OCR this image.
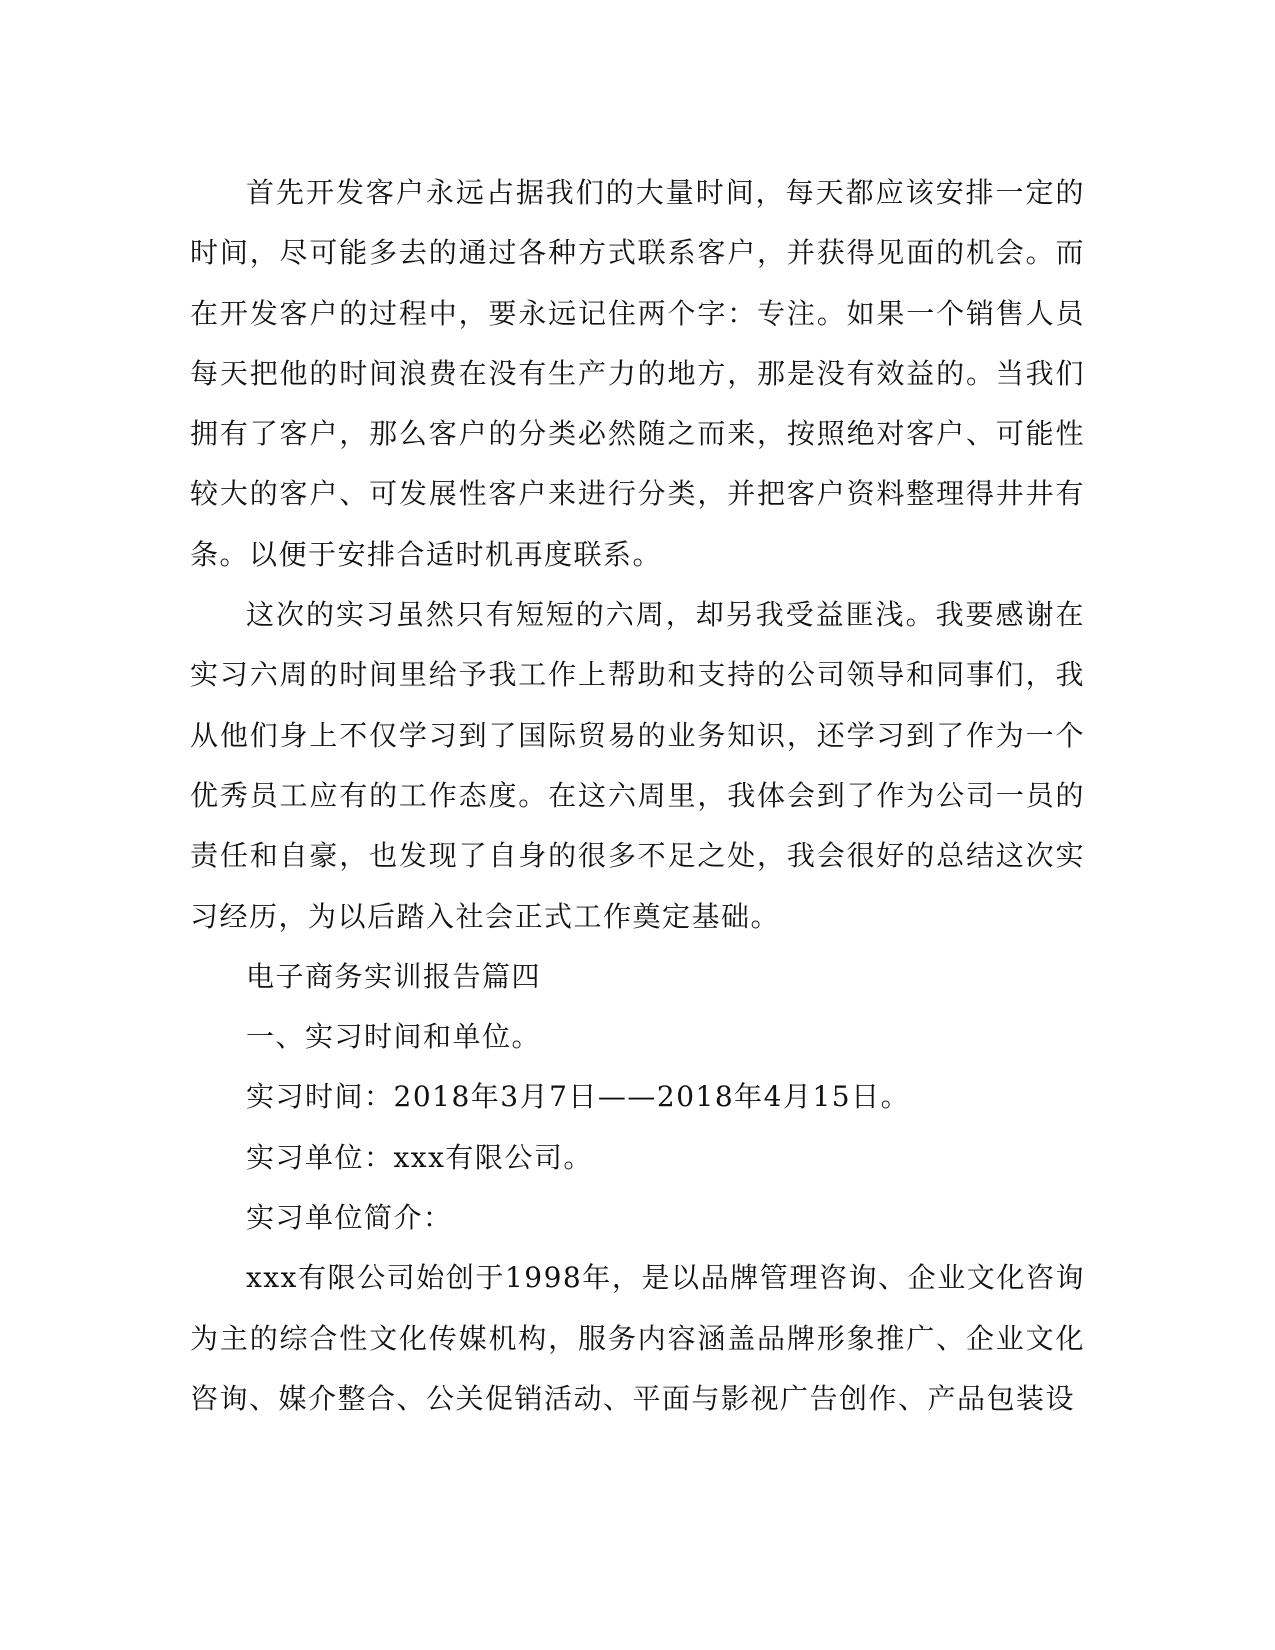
首先开发客户永远占据我们的大量时间，每天都应该安排一定的时间，尽可能多去的通过各种方式联系客户，并获得见面的机会。而在开发客户的过程中，要永远记住两个字：专注。如果一个销售人员每天把他的时间浪费在没有生产力的地方，那是没有效益的。当我们拥有了客户，那么客户的分类必然随之而来，按照绝对客户、可能性较大的客户、可发展性客户来进行分类，并把客户资料整理得井井有条。以便于安排合适时机再度联系。

这次的实习虽然只有短短的六周，却另我受益匪浅。我要感谢在实习六周的时间里给予我工作上帮助和支持的公司领导和同事们，我从他们身上不仅学习到了国际贸易的业务知识，还学习到了作为一个优秀员工应有的工作态度。在这六周里，我体会到了作为公司一员的责任和自豪，也发现了自身的很多不足之处，我会很好的总结这次实习经历，为以后踏入社会正式工作奠定基础。

电子商务实训报告篇四

一、实习时间和单位。

实习时间：2018年3月7日——2018年4月15日。

实习单位：xxx有限公司。

实习单位简介：

xxx有限公司始创于1998年，是以品牌管理咨询、企业文化咨询为主的综合性文化传媒机构，服务内容涵盖品牌形象推广、企业文化咨询、媒介整合、公关促销活动、平面与影视广告创作、产品包装设
